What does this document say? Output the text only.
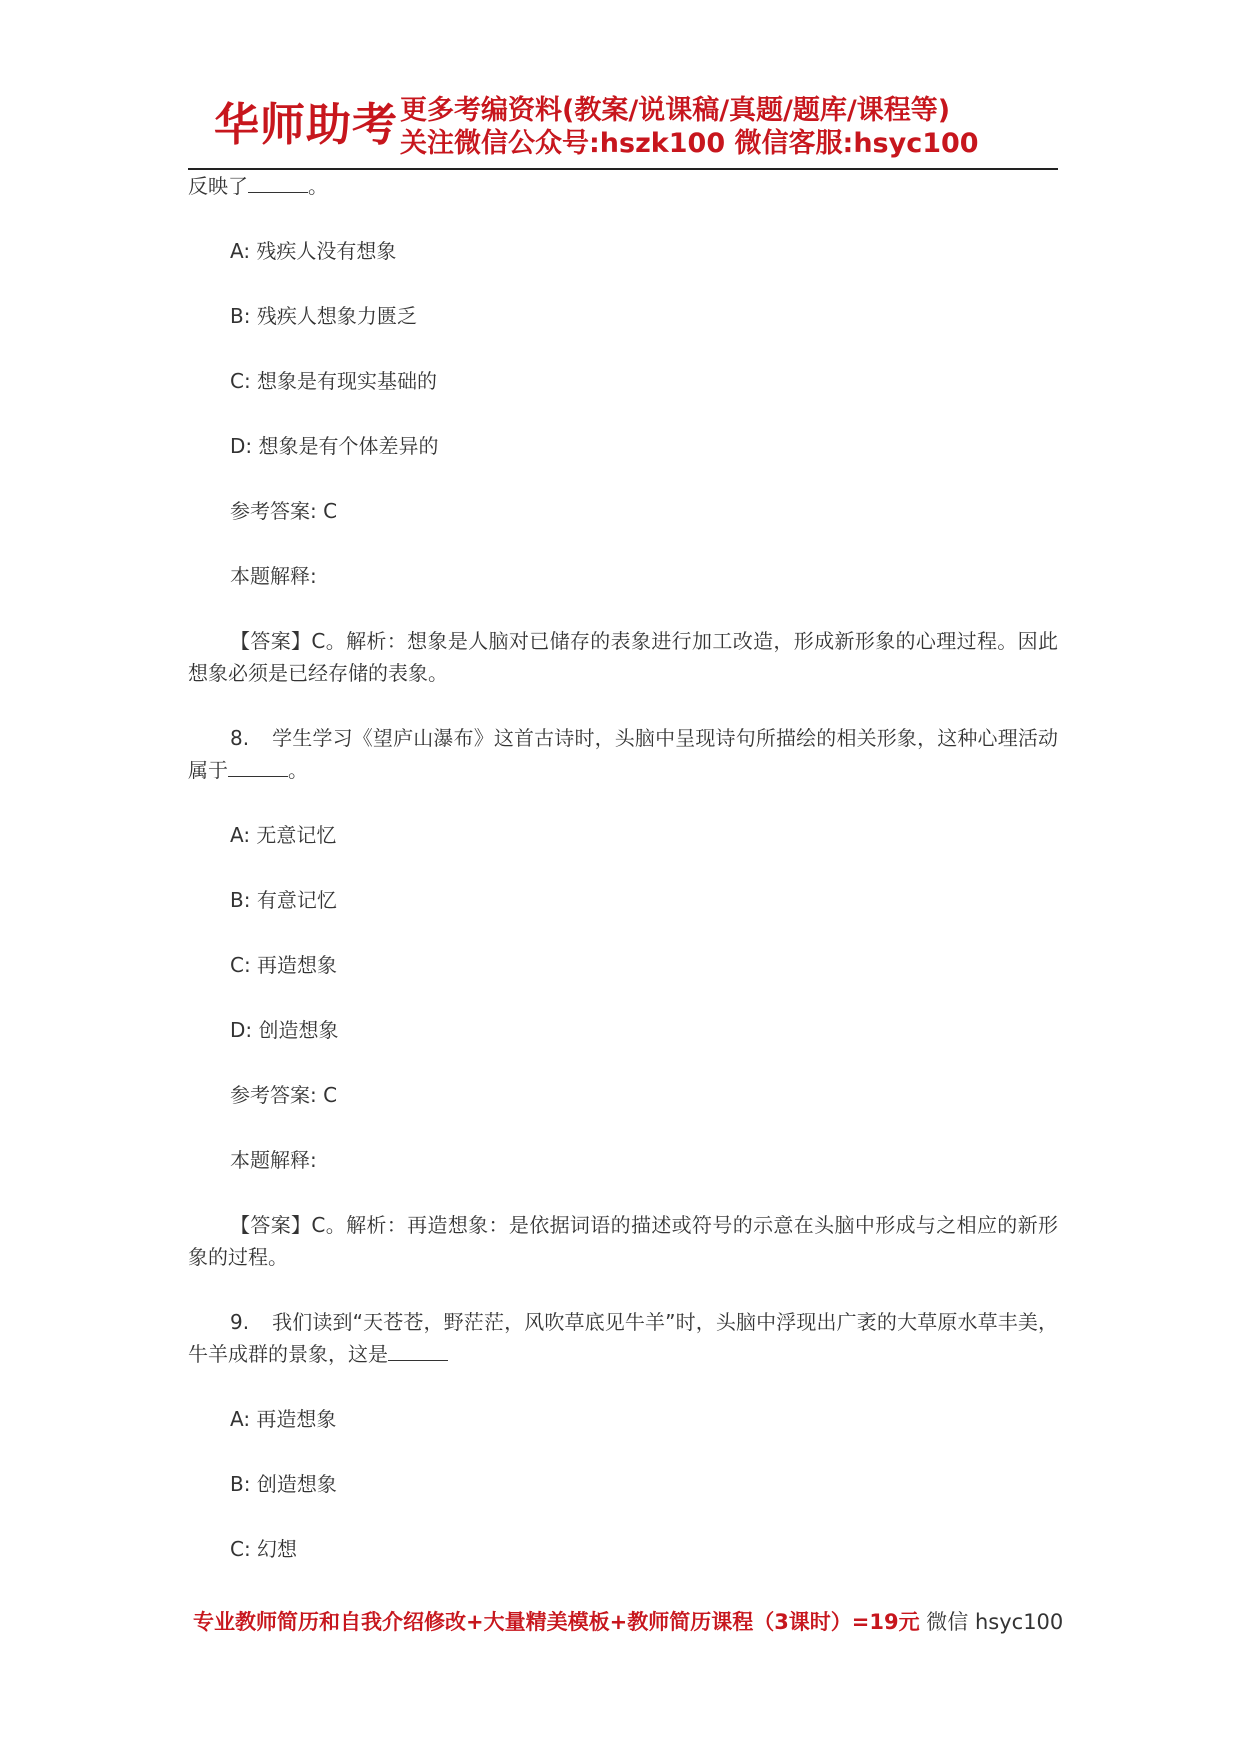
华师助考 更多考编资料(教案/说课稿/真题/题库/课程等)
关注微信公众号:hszk100 微信客服:hsyc100

反映了	。

A: 残疾人没有想象

B: 残疾人想象力匮乏

C: 想象是有现实基础的

D: 想象是有个体差异的

参考答案: C

本题解释:

【答案】C。解析：想象是人脑对已储存的表象进行加工改造，形成新形象的心理过程。因此想象必须是已经存储的表象。

8. 学生学习《望庐山瀑布》这首古诗时，头脑中呈现诗句所描绘的相关形象，这种心理活动属于	。

A: 无意记忆

B: 有意记忆

C: 再造想象

D: 创造想象

参考答案: C

本题解释:

【答案】C。解析：再造想象：是依据词语的描述或符号的示意在头脑中形成与之相应的新形象的过程。

9. 我们读到“天苍苍，野茫茫，风吹草底见牛羊”时，头脑中浮现出广袤的大草原水草丰美，牛羊成群的景象，这是

A: 再造想象

B: 创造想象

C: 幻想

专业教师简历和自我介绍修改+大量精美模板+教师简历课程（3课时）=19元 微信 hsyc100
